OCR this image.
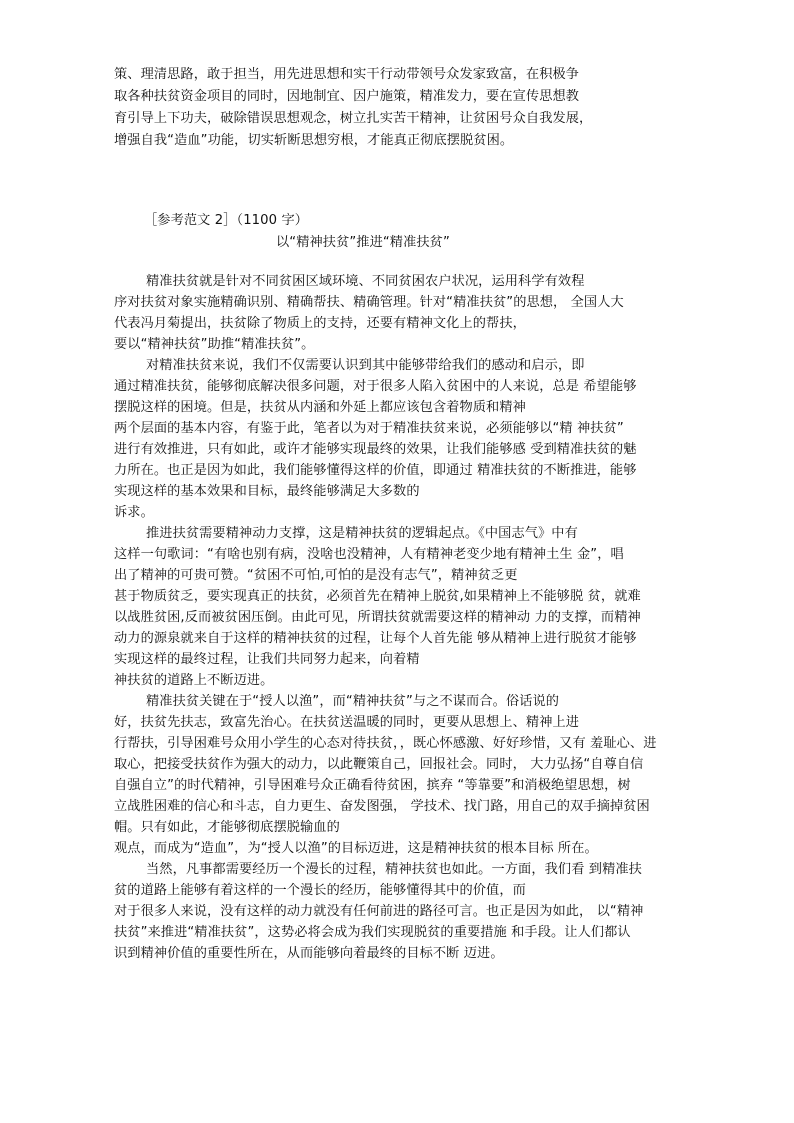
策、理清思路，敢于担当，用先进思想和实干行动带领号众发家致富，在积极争

取各种扶贫资金项目的同时，因地制宜、因户施策，精准发力，要在宣传思想教

育引导上下功夫，破除错误思想观念，树立扎实苦干精神，让贫困号众自我发展，

增强自我“造血”功能，切实斩断思想穷根，才能真正彻底摆脱贫困。

［参考范文 2］（1100 字）

以“精神扶贫”推进“精准扶贫”

精准扶贫就是针对不同贫困区域环境、不同贫困农户状况，运用科学有效程

序对扶贫对象实施精确识别、精确帮扶、精确管理。针对“精准扶贫”的思想， 全国人大

代表冯月菊提出，扶贫除了物质上的支持，还要有精神文化上的帮扶，

要以“精神扶贫”助推“精准扶贫”。

对精准扶贫来说，我们不仅需要认识到其中能够带给我们的感动和启示，即

通过精准扶贫，能够彻底解决很多问题，对于很多人陷入贫困中的人来说，总是 希望能够

摆脱这样的困境。但是，扶贫从内涵和外延上都应该包含着物质和精神

两个层面的基本内容，有鉴于此，笔者以为对于精准扶贫来说，必须能够以“精 神扶贫”

进行有效推进，只有如此，或许才能够实现最终的效果，让我们能够感 受到精准扶贫的魅

力所在。也正是因为如此，我们能够懂得这样的价值，即通过 精准扶贫的不断推进，能够

实现这样的基本效果和目标，最终能够满足大多数的

诉求。

推进扶贫需要精神动力支撑，这是精神扶贫的逻辑起点。《中国志气》中有

这样一句歌词：“有啥也别有病，没啥也没精神，人有精神老变少地有精神土生 金”，唱

出了精神的可贵可赞。“贫困不可怕,可怕的是没有志气”，精神贫乏更

甚于物质贫乏，要实现真正的扶贫，必须首先在精神上脱贫,如果精神上不能够脱 贫，就难

以战胜贫困,反而被贫困压倒。由此可见，所谓扶贫就需要这样的精神动 力的支撑，而精神

动力的源泉就来自于这样的精神扶贫的过程，让每个人首先能 够从精神上进行脱贫才能够

实现这样的最终过程，让我们共同努力起来，向着精

神扶贫的道路上不断迈进。

精准扶贫关键在于“授人以渔”，而“精神扶贫”与之不谋而合。俗话说的

好，扶贫先扶志，致富先治心。在扶贫送温暖的同时，更要从思想上、精神上进

行帮扶，引导困难号众用小学生的心态对待扶贫，，既心怀感激、好好珍惜，又有 羞耻心、进

取心，把接受扶贫作为强大的动力，以此鞭策自己，回报社会。同时， 大力弘扬“自尊自信

自强自立”的时代精神，引导困难号众正确看待贫困，摈弃 “等靠要”和消极绝望思想，树

立战胜困难的信心和斗志，自力更生、奋发图强， 学技术、找门路，用自己的双手摘掉贫困

帽。只有如此，才能够彻底摆脱输血的

观点，而成为“造血”，为“授人以渔”的目标迈进，这是精神扶贫的根本目标 所在。

当然，凡事都需要经历一个漫长的过程，精神扶贫也如此。一方面，我们看 到精准扶

贫的道路上能够有着这样的一个漫长的经历，能够懂得其中的价值，而

对于很多人来说，没有这样的动力就没有任何前进的路径可言。也正是因为如此， 以“精神

扶贫”来推进“精准扶贫”，这势必将会成为我们实现脱贫的重要措施 和手段。让人们都认

识到精神价值的重要性所在，从而能够向着最终的目标不断 迈进。
